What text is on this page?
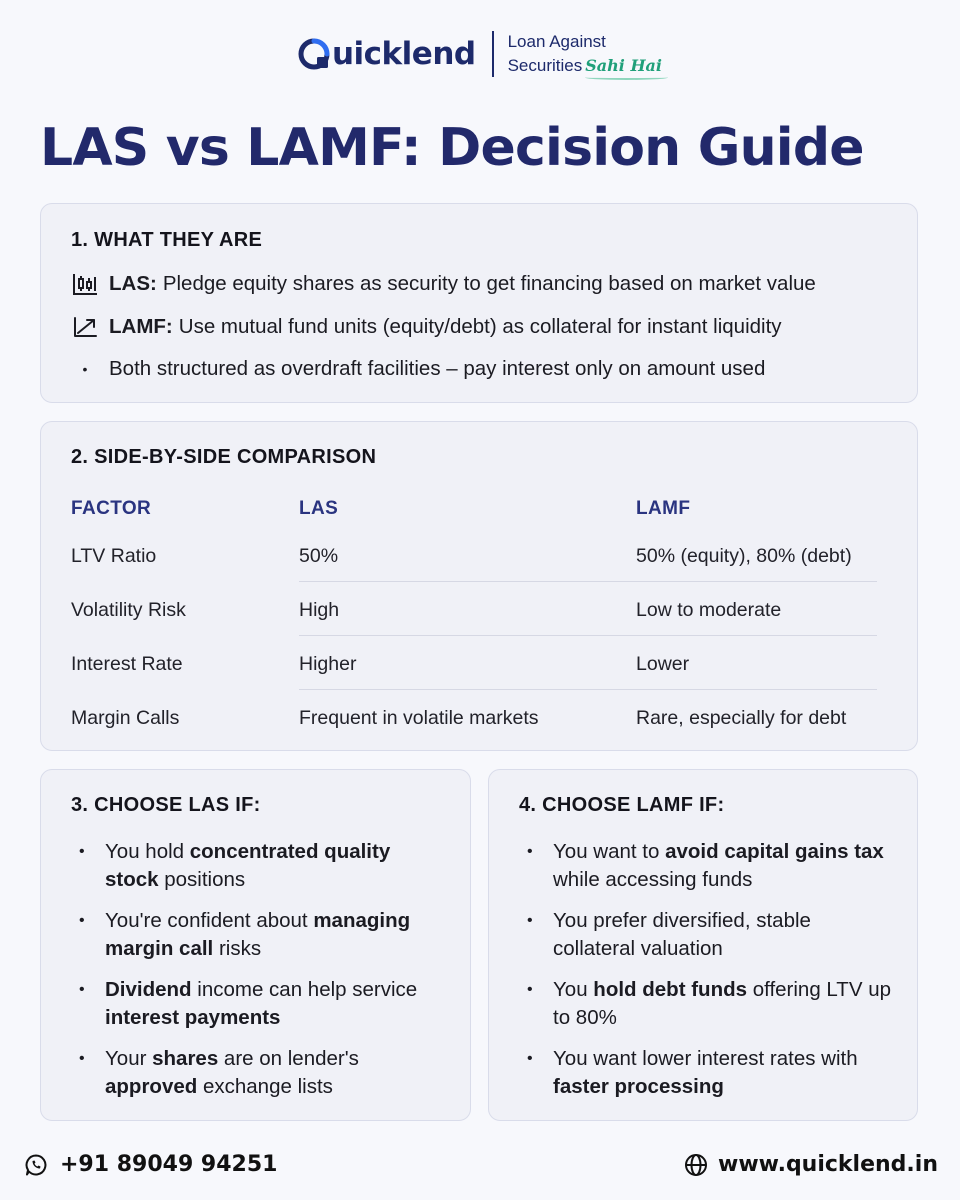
uicklend Loan Against
Securities Sahi Hai
LAS vs LAMF: Decision Guide
1. WHAT THEY ARE
LAS: Pledge equity shares as security to get financing based on market value
LAMF: Use mutual fund units (equity/debt) as collateral for instant liquidity
•	Both structured as overdraft facilities – pay interest only on amount used
2. SIDE-BY-SIDE COMPARISON
FACTOR	LAS	LAMF
LTV Ratio	50%	50% (equity), 80% (debt)
Volatility Risk	High	Low to moderate
Interest Rate	Higher	Lower
Margin Calls	Frequent in volatile markets	Rare, especially for debt
3. CHOOSE LAS IF:
• You hold concentrated quality stock positions
• You're confident about managing margin call risks
• Dividend income can help service interest payments
• Your shares are on lender's approved exchange lists
4. CHOOSE LAMF IF:
• You want to avoid capital gains tax while accessing funds
• You prefer diversified, stable collateral valuation
• You hold debt funds offering LTV up to 80%
• You want lower interest rates with faster processing
+91 89049 94251	www.quicklend.in
